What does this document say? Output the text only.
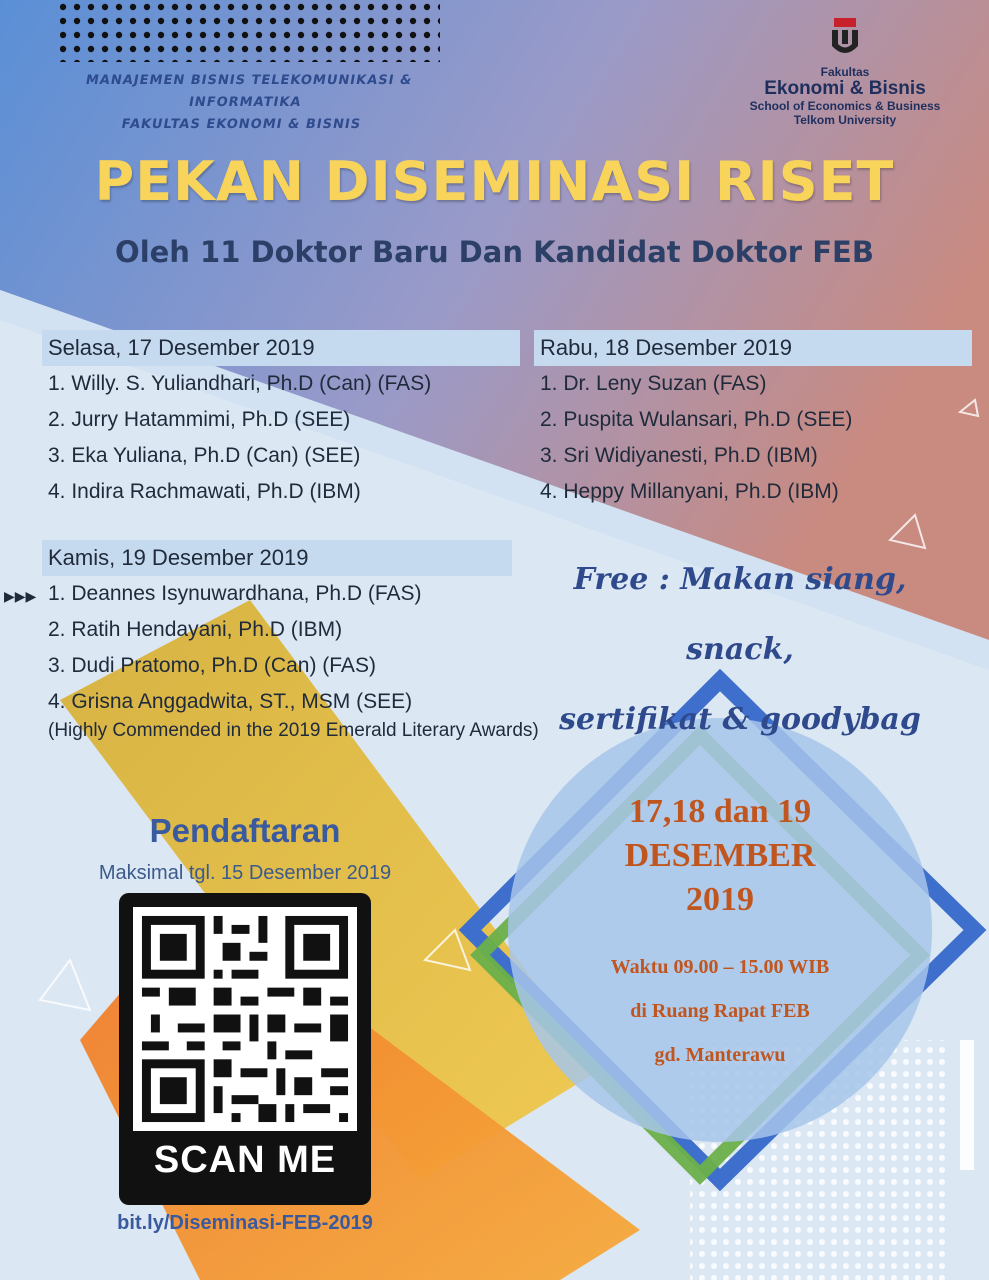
MANAJEMEN BISNIS TELEKOMUNIKASI & INFORMATIKA
FAKULTAS EKONOMI & BISNIS
Fakultas
Ekonomi & Bisnis
School of Economics & Business
Telkom University
PEKAN DISEMINASI RISET
Oleh 11 Doktor Baru Dan Kandidat Doktor FEB
Selasa, 17 Desember 2019
1. Willy. S. Yuliandhari, Ph.D (Can) (FAS)
2. Jurry Hatammimi, Ph.D (SEE)
3. Eka Yuliana, Ph.D (Can) (SEE)
4. Indira Rachmawati, Ph.D (IBM)
Rabu, 18 Desember 2019
1. Dr. Leny Suzan (FAS)
2. Puspita Wulansari, Ph.D (SEE)
3. Sri Widiyanesti, Ph.D (IBM)
4. Heppy Millanyani, Ph.D (IBM)
Kamis, 19 Desember 2019
1. Deannes Isynuwardhana, Ph.D (FAS)
2. Ratih Hendayani, Ph.D (IBM)
3. Dudi Pratomo, Ph.D (Can) (FAS)
4. Grisna Anggadwita, ST., MSM (SEE)
(Highly Commended in the 2019 Emerald Literary Awards)
▶▶▶	Free : Makan siang, snack,
sertifikat & goodybag
Pendaftaran
Maksimal tgl. 15 Desember 2019
SCAN ME
bit.ly/Diseminasi-FEB-2019
17,18 dan 19
DESEMBER
2019
Waktu 09.00 – 15.00 WIB
di Ruang Rapat FEB
gd. Manterawu
